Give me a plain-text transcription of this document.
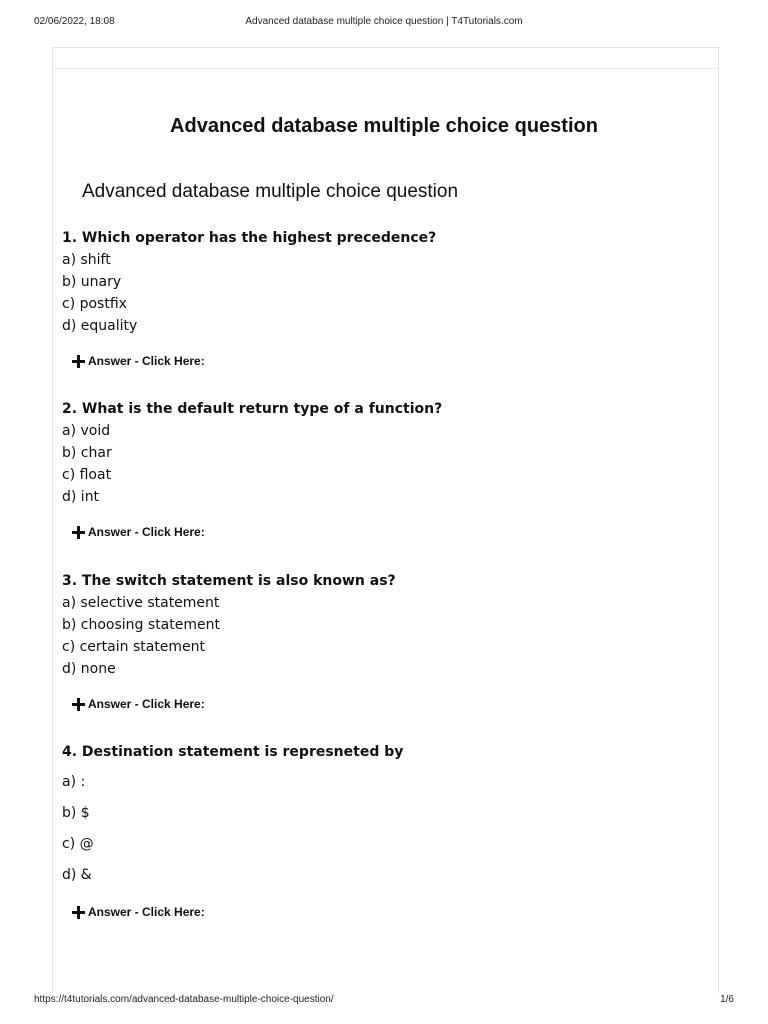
02/06/2022, 18:08	Advanced database multiple choice question | T4Tutorials.com
Advanced database multiple choice question
Advanced database multiple choice question
1. Which operator has the highest precedence?
a) shift
b) unary
c) postfix
d) equality
Answer - Click Here:
2. What is the default return type of a function?
a) void
b) char
c) float
d) int
Answer - Click Here:
3. The switch statement is also known as?
a) selective statement
b) choosing statement
c) certain statement
d) none
Answer - Click Here:
4. Destination statement is represneted by
a) :
b) $
c) @
d) &
Answer - Click Here:
https://t4tutorials.com/advanced-database-multiple-choice-question/	1/6
